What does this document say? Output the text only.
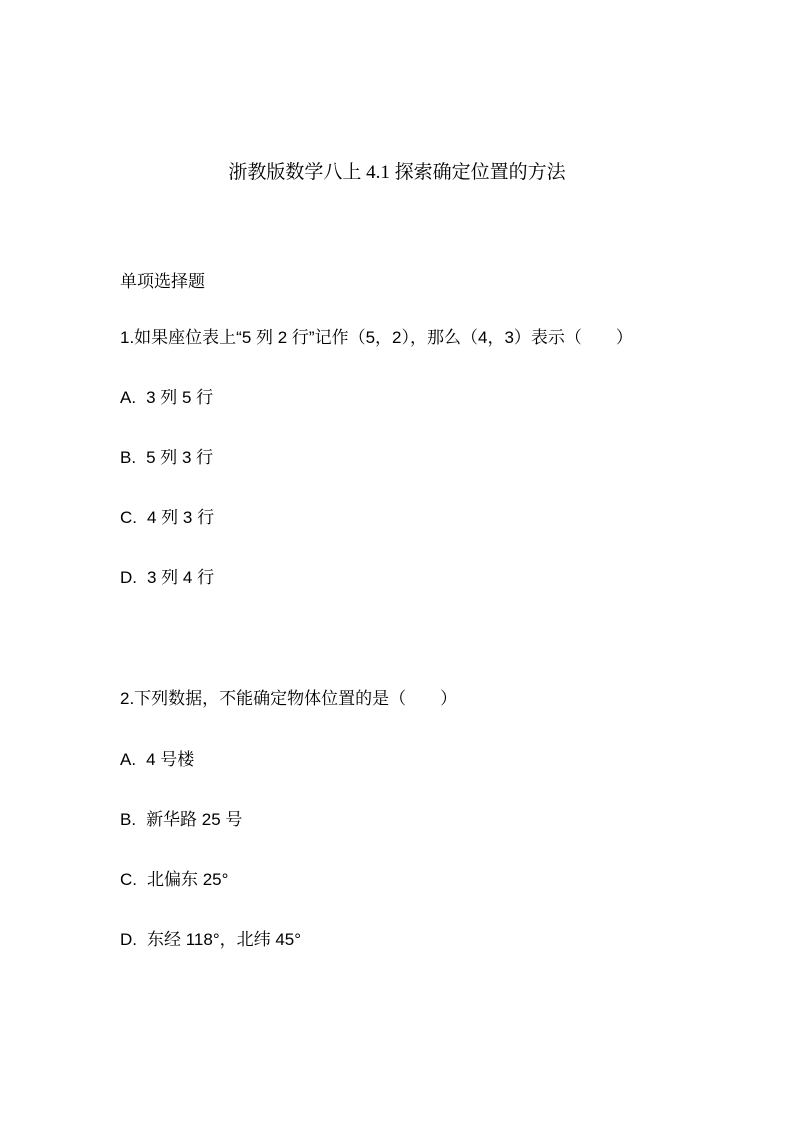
浙教版数学八上 4.1 探索确定位置的方法
单项选择题
1.如果座位表上“5 列 2 行”记作（5，2），那么（4，3）表示（　　）
A. 3 列 5 行
B. 5 列 3 行
C. 4 列 3 行
D. 3 列 4 行
2.下列数据，不能确定物体位置的是（　　）
A. 4 号楼
B. 新华路 25 号
C. 北偏东 25°
D. 东经 118°，北纬 45°
